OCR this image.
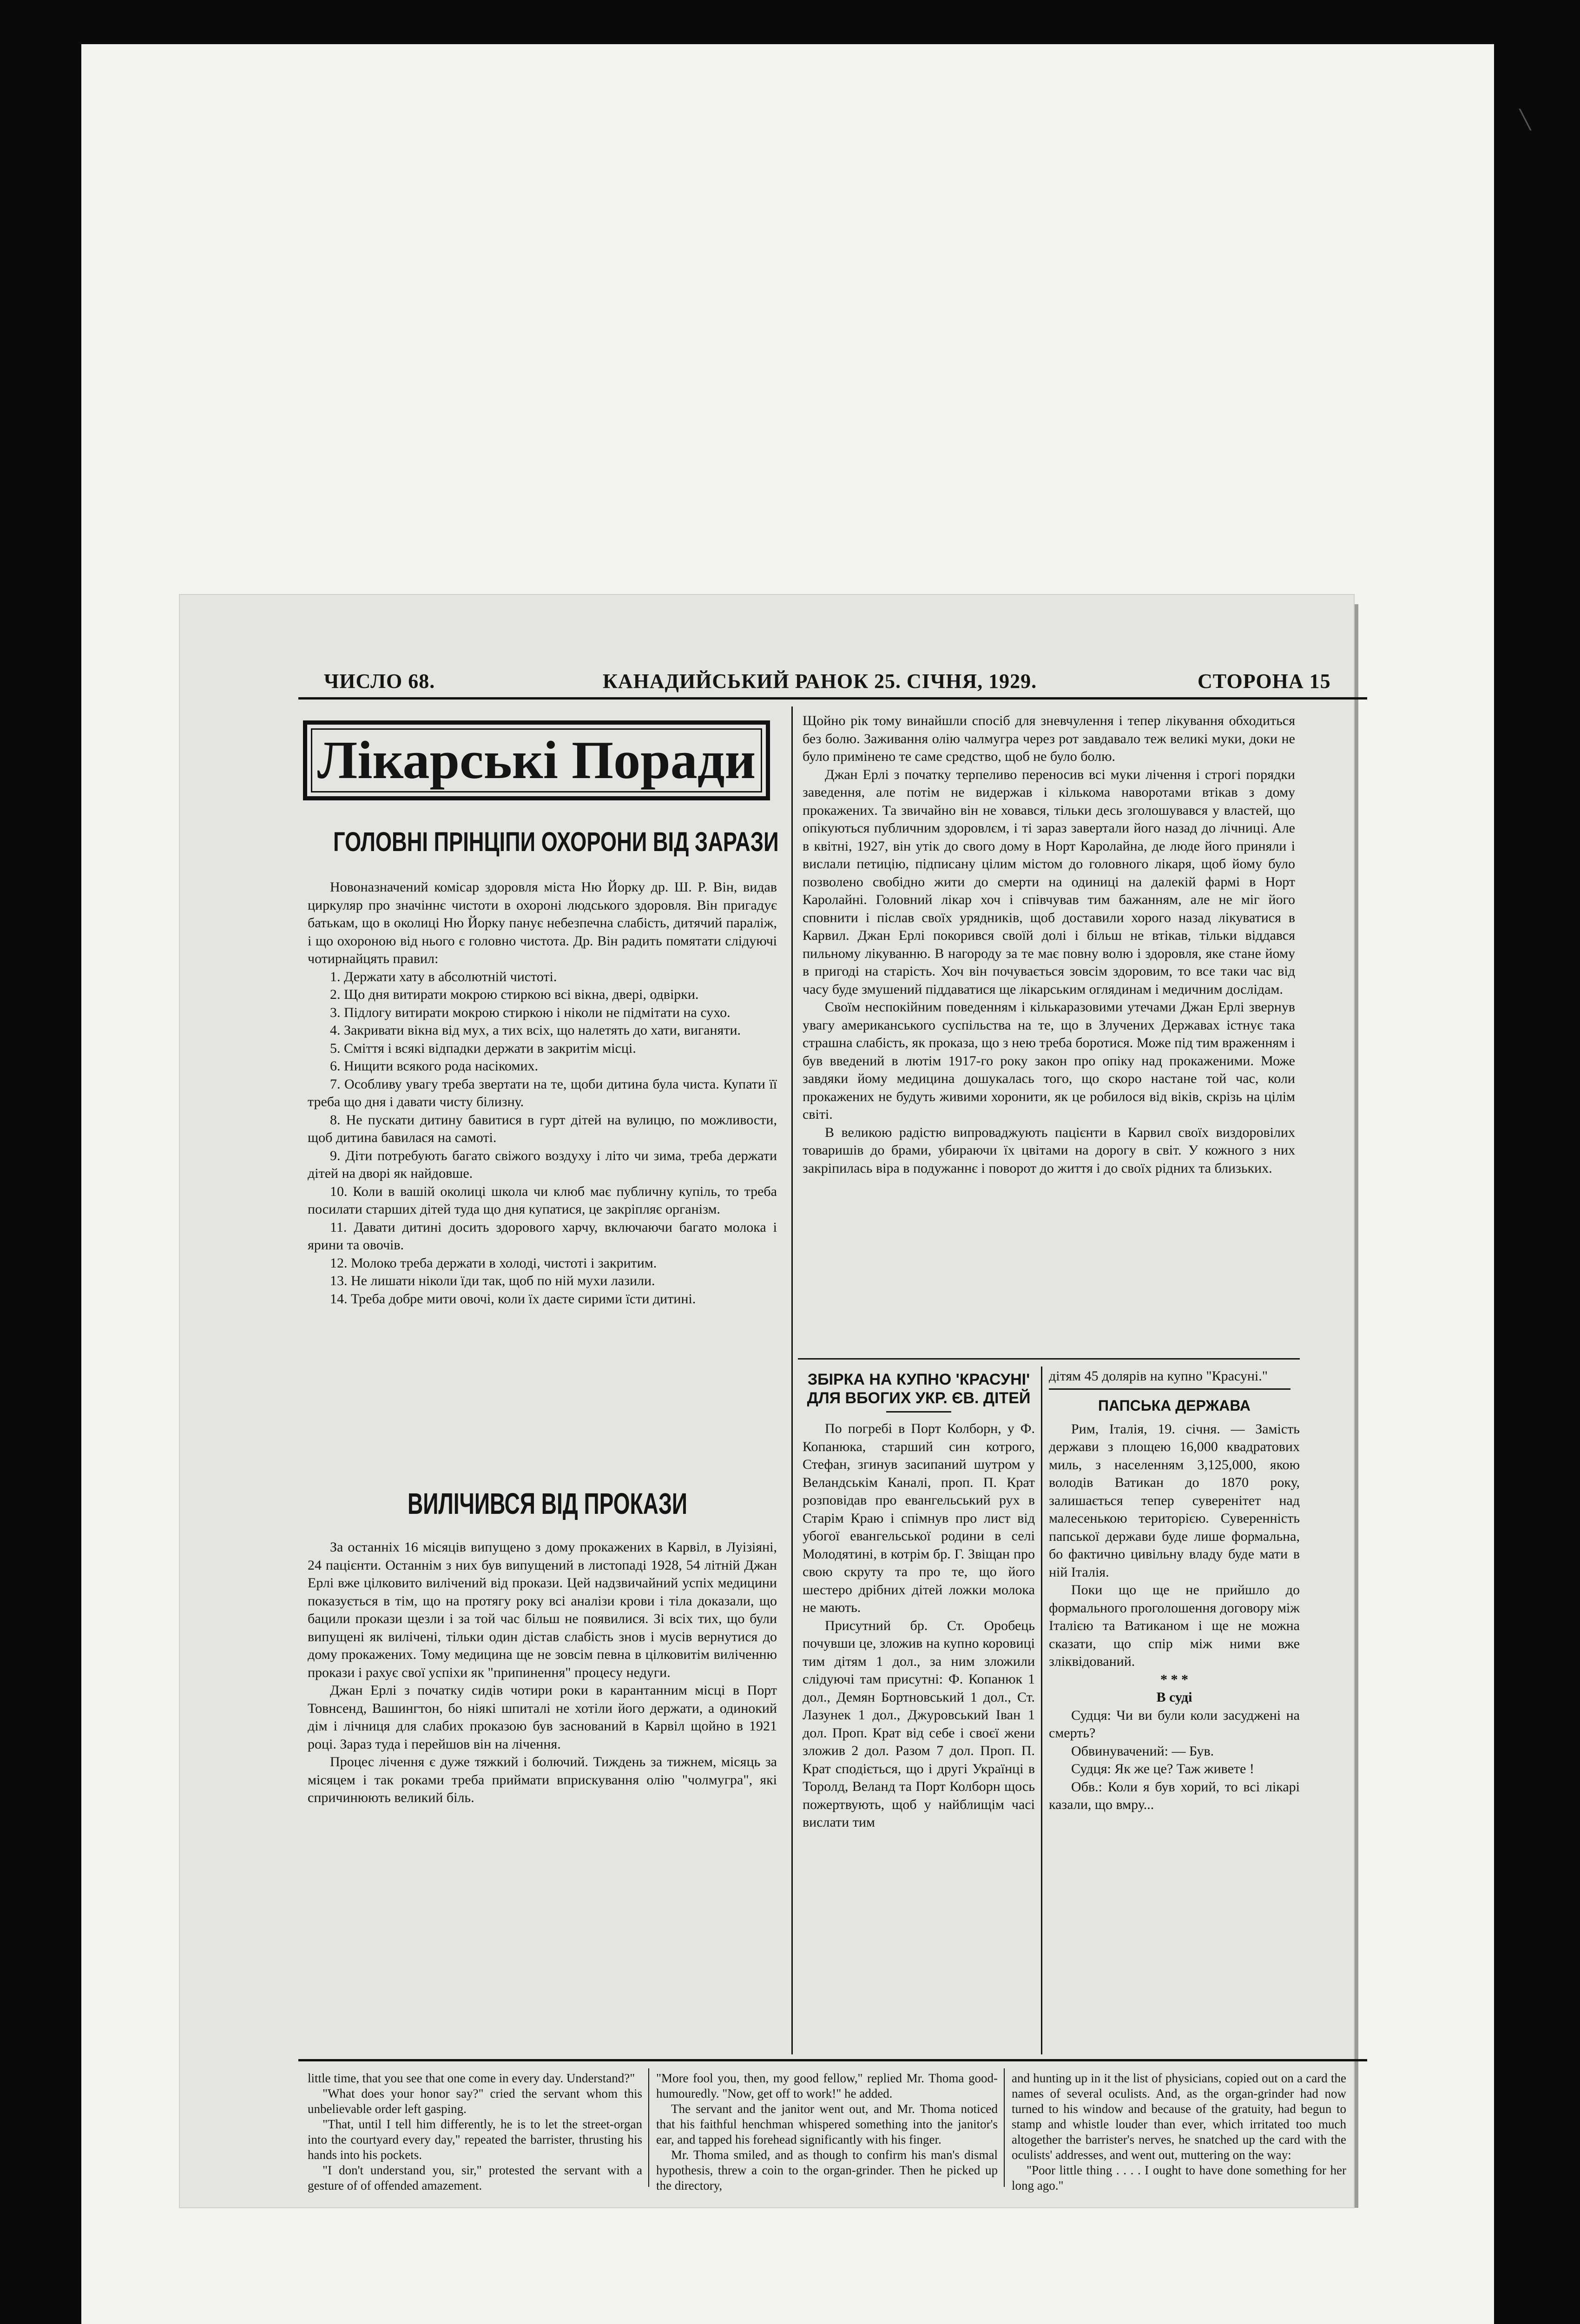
╲
ЧИСЛО 68.	КАНАДИЙСЬКИЙ РАНОК 25. СІЧНЯ, 1929.	СТОРОНА 15
Лікарські Поради
ГОЛОВНІ ПРІНЦІПИ ОХОРОНИ ВІД ЗАРАЗИ

Новоназначений комісар здоровля міста Ню Йорку др. Ш. Р. Він, видав циркуляр про значіннє чистоти в охороні людського здоровля. Він пригадує батькам, що в околиці Ню Йорку панує небезпечна слабість, дитячий параліж, і що охороною від нього є головно чистота. Др. Він радить помятати слідуючі чотирнайцять правил:

1. Держати хату в абсолютній чистоті.
2. Що дня витирати мокрою стиркою всі вікна, двері, одвірки.
3. Підлогу витирати мокрою стиркою і ніколи не підмітати на сухо.
4. Закривати вікна від мух, а тих всіх, що налетять до хати, виганяти.
5. Сміття і всякі відпадки держати в закритім місці.
6. Нищити всякого рода насікомих.
7. Особливу увагу треба звертати на те, щоби дитина була чиста. Купати її треба що дня і давати чисту білизну.
8. Не пускати дитину бавитися в гурт дітей на вулицю, по можливости, щоб дитина бавилася на самоті.
9. Діти потребують багато свіжого воздуху і літо чи зима, треба держати дітей на дворі як найдовше.
10. Коли в вашій околиці школа чи клюб має публичну купіль, то треба посилати старших дітей туда що дня купатися, це закріпляє організм.
11. Давати дитині досить здорового харчу, включаючи багато молока і ярини та овочів.
12. Молоко треба держати в холоді, чистоті і закритим.
13. Не лишати ніколи їди так, щоб по ній мухи лазили.
14. Треба добре мити овочі, коли їх даєте сирими їсти дитині.
ВИЛІЧИВСЯ ВІД ПРОКАЗИ

За останніх 16 місяців випущено з дому прокажених в Карвіл, в Луізіяні, 24 пацієнти. Останнім з них був випущений в листопаді 1928, 54 літній Джан Ерлі вже цілковито вилічений від прокази. Цей надзвичайний успіх медицини показується в тім, що на протягу року всі аналізи крови і тіла доказали, що бацили прокази щезли і за той час більш не появилися. Зі всіх тих, що були випущені як вилічені, тільки один дістав слабість знов і мусів вернутися до дому прокажених. Тому медицина ще не зовсім певна в цілковитім виліченню прокази і рахує свої успіхи як "припинення" процесу недуги.

Джан Ерлі з початку сидів чотири роки в карантанним місці в Порт Товнсенд, Вашингтон, бо ніякі шпиталі не хотіли його держати, а одинокий дім і лічниця для слабих проказою був заснований в Карвіл щойно в 1921 році. Зараз туда і перейшов він на лічення.

Процес лічення є дуже тяжкий і болючий. Тиждень за тижнем, місяць за місяцем і так роками треба приймати вприскування олію "чолмугра", які спричинюють великий біль.

Щойно рік тому винайшли спосіб для зневчулення і тепер лікування обходиться без болю. Заживання олію чалмугра через рот завдавало теж великі муки, доки не було примінено те саме средство, щоб не було болю.

Джан Ерлі з початку терпеливо переносив всі муки лічення і строгі порядки заведення, але потім не видержав і кількома наворотами втікав з дому прокажених. Та звичайно він не ховався, тільки десь зголошувався у властей, що опікуються публичним здоровлєм, і ті зараз завертали його назад до лічниці. Але в квітні, 1927, він утік до свого дому в Норт Каролайна, де люде його приняли і вислали петицію, підписану цілим містом до головного лікаря, щоб йому було позволено свобідно жити до смерти на одиниці на далекій фармі в Норт Каролайні. Головний лікар хоч і співчував тим бажанням, але не міг його сповнити і післав своїх урядників, щоб доставили хорого назад лікуватися в Карвил. Джан Ерлі покорився своїй долі і більш не втікав, тільки віддався пильному лікуванню. В нагороду за те має повну волю і здоровля, яке стане йому в пригоді на старість. Хоч він почувається зовсім здоровим, то все таки час від часу буде змушений піддаватися ще лікарським оглядинам і медичним дослідам.

Своїм неспокійним поведенням і кількаразовими утечами Джан Ерлі звернув увагу американського суспільства на те, що в Злучених Державах істнує така страшна слабість, як проказа, що з нею треба боротися. Може під тим враженням і був введений в лютім 1917-го року закон про опіку над прокаженими. Може завдяки йому медицина дошукалась того, що скоро настане той час, коли прокажених не будуть живими хоронити, як це робилося від віків, скрізь на цілім світі.

В великою радістю випроваджують пацієнти в Карвил своїх виздоровілих товаришів до брами, убираючи їх цвітами на дорогу в світ. У кожного з них закріпилась віра в подужаннє і поворот до життя і до своїх рідних та близьких.

ЗБІРКА НА КУПНО 'КРАСУНІ' ДЛЯ ВБОГИХ УКР. ЄВ. ДІТЕЙ

По погребі в Порт Колборн, у Ф. Копанюка, старший син котрого, Стефан, згинув засипаний шутром у Веландськім Каналі, проп. П. Крат розповідав про евангельський рух в Старім Краю і спімнув про лист від убогої евангельської родини в селі Молодятині, в котрім бр. Г. Звіщан про свою скруту та про те, що його шестеро дрібних дітей ложки молока не мають.

Присутний бр. Ст. Оробець почувши це, зложив на купно коровиці тим дітям 1 дол., за ним зложили слідуючі там присутні: Ф. Копанюк 1 дол., Демян Бортновський 1 дол., Ст. Лазунек 1 дол., Джуровський Іван 1 дол. Проп. Крат від себе і своєї жени зложив 2 дол. Разом 7 дол. Проп. П. Крат сподіється, що і другі Українці в Торолд, Веланд та Порт Колборн щось пожертвують, щоб у найблищім часі вислати тим

дітям 45 долярів на купно "Красуні."

ПАПСЬКА ДЕРЖАВА

Рим, Італія, 19. січня. — Замість держави з площею 16,000 квадратових миль, з населенням 3,125,000, якою володів Ватикан до 1870 року, залишається тепер суверенітет над малесенькою територією. Суверенність папської держави буде лише формальна, бо фактично цивільну владу буде мати в ній Італія.

Поки що ще не прийшло до формального проголошення договору між Італією та Ватиканом і ще не можна сказати, що спір між ними вже зліквідований.

* * *

В суді

Судця: Чи ви були коли засуджені на смерть?

Обвинувачений: — Був.

Судця: Як же це? Таж живете !

Обв.: Коли я був хорий, то всі лікарі казали, що вмру...

little time, that you see that one come in every day. Understand?"

"What does your honor say?" cried the servant whom this unbelievable order left gasping.

"That, until I tell him differently, he is to let the street-organ into the courtyard every day," repeated the barrister, thrusting his hands into his pockets.

"I don't understand you, sir," protested the servant with a gesture of of offended amazement.

"More fool you, then, my good fellow," replied Mr. Thoma good-humouredly. "Now, get off to work!" he added.

The servant and the janitor went out, and Mr. Thoma noticed that his faithful henchman whispered something into the janitor's ear, and tapped his forehead significantly with his finger.

Mr. Thoma smiled, and as though to confirm his man's dismal hypothesis, threw a coin to the organ-grinder. Then he picked up the directory,

and hunting up in it the list of physicians, copied out on a card the names of several oculists. And, as the organ-grinder had now turned to his window and because of the gratuity, had begun to stamp and whistle louder than ever, which irritated too much altogether the barrister's nerves, he snatched up the card with the oculists' addresses, and went out, muttering on the way:

"Poor little thing . . . . I ought to have done something for her long ago."
